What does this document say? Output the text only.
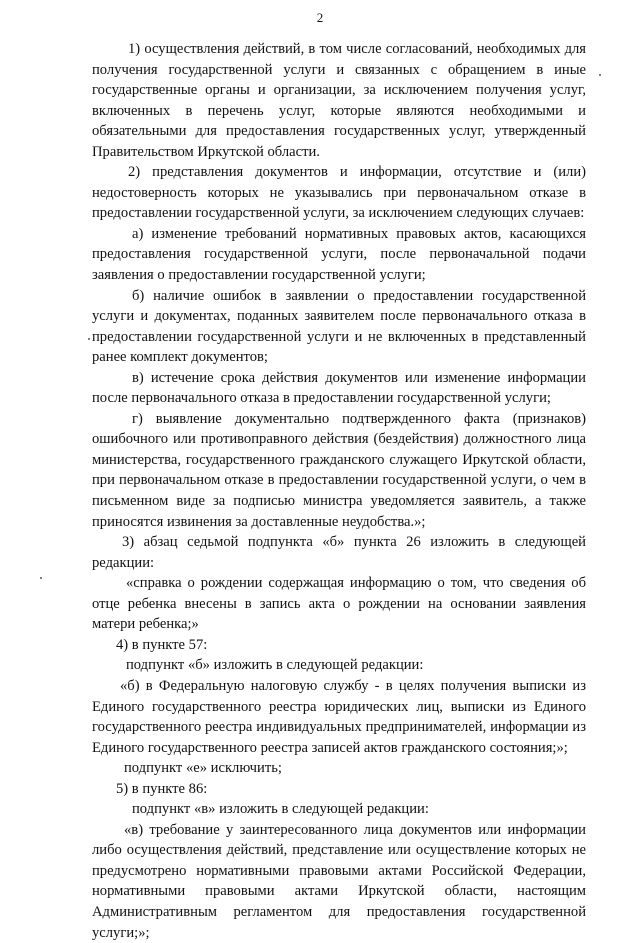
2

1) осуществления действий, в том числе согласований, необходимых для получения государственной услуги и связанных с обращением в иные государственные органы и организации, за исключением получения услуг, включенных в перечень услуг, которые являются необходимыми и обязательными для предоставления государственных услуг, утвержденный Правительством Иркутской области.

2) представления документов и информации, отсутствие и (или) недостоверность которых не указывались при первоначальном отказе в предоставлении государственной услуги, за исключением следующих случаев:

а) изменение требований нормативных правовых актов, касающихся предоставления государственной услуги, после первоначальной подачи заявления о предоставлении государственной услуги;

б) наличие ошибок в заявлении о предоставлении государственной услуги и документах, поданных заявителем после первоначального отказа в предоставлении государственной услуги и не включенных в представленный ранее комплект документов;

в) истечение срока действия документов или изменение информации после первоначального отказа в предоставлении государственной услуги;

г) выявление документально подтвержденного факта (признаков) ошибочного или противоправного действия (бездействия) должностного лица министерства, государственного гражданского служащего Иркутской области, при первоначальном отказе в предоставлении государственной услуги, о чем в письменном виде за подписью министра уведомляется заявитель, а также приносятся извинения за доставленные неудобства.»;

3) абзац седьмой подпункта «б» пункта 26 изложить в следующей редакции:

«справка о рождении содержащая информацию о том, что сведения об отце ребенка внесены в запись акта о рождении на основании заявления матери ребенка;»

4) в пункте 57:

подпункт «б» изложить в следующей редакции:

«б) в Федеральную налоговую службу - в целях получения выписки из Единого государственного реестра юридических лиц, выписки из Единого государственного реестра индивидуальных предпринимателей, информации из Единого государственного реестра записей актов гражданского состояния;»;

подпункт «е» исключить;

5) в пункте 86:

подпункт «в» изложить в следующей редакции:

«в) требование у заинтересованного лица документов или информации либо осуществления действий, представление или осуществление которых не предусмотрено нормативными правовыми актами Российской Федерации, нормативными правовыми актами Иркутской области, настоящим Административным регламентом для предоставления государственной услуги;»;
